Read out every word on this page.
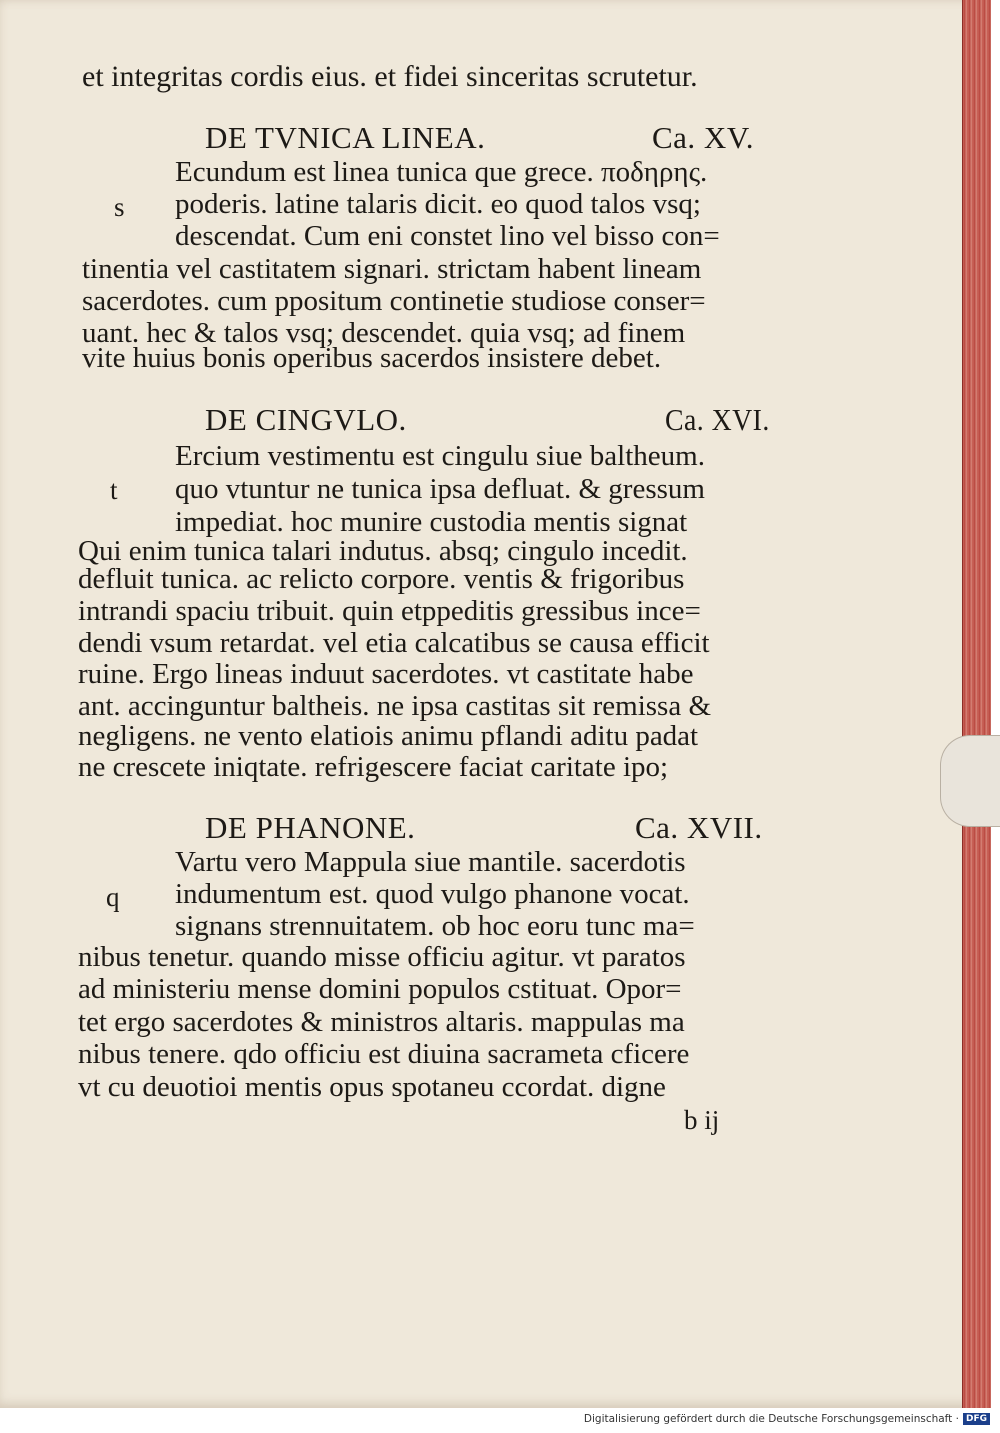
et integritas cordis eius. et fidei sinceritas scrutetur.
DE TVNICA LINEA.	Ca. XV.
s
Ecundum est linea tunica que grece. ποδηρης.
poderis. latine talaris dicit. eo quod talos vsq;
descendat. Cum eni constet lino vel bisso con=
tinentia vel castitatem signari. strictam habent lineam
sacerdotes. cum ppositum continetie studiose conser=
uant. hec & talos vsq; descendet. quia vsq; ad finem
vite huius bonis operibus sacerdos insistere debet.
DE CINGVLO.	Ca. XVI.
t
Ercium vestimentu est cingulu siue baltheum.
quo vtuntur ne tunica ipsa defluat. & gressum
impediat. hoc munire custodia mentis signat
Qui enim tunica talari indutus. absq; cingulo incedit.
defluit tunica. ac relicto corpore. ventis & frigoribus
intrandi spaciu tribuit. quin etppeditis gressibus ince=
dendi vsum retardat. vel etia calcatibus se causa efficit
ruine. Ergo lineas induut sacerdotes. vt castitate habe
ant. accinguntur baltheis. ne ipsa castitas sit remissa &
negligens. ne vento elatiois animu pflandi aditu padat
ne crescete iniqtate. refrigescere faciat caritate ipo;
DE PHANONE.	Ca. XVII.
q
Vartu vero Mappula siue mantile. sacerdotis
indumentum est. quod vulgo phanone vocat.
signans strennuitatem. ob hoc eoru tunc ma=
nibus tenetur. quando misse officiu agitur. vt paratos
ad ministeriu mense domini populos cstituat. Opor=
tet ergo sacerdotes & ministros altaris. mappulas ma
nibus tenere. qdo officiu est diuina sacrameta cficere
vt cu deuotioi mentis opus spotaneu ccordat. digne
b ij
Digitalisierung gefördert durch die Deutsche Forschungsgemeinschaft · DFG
